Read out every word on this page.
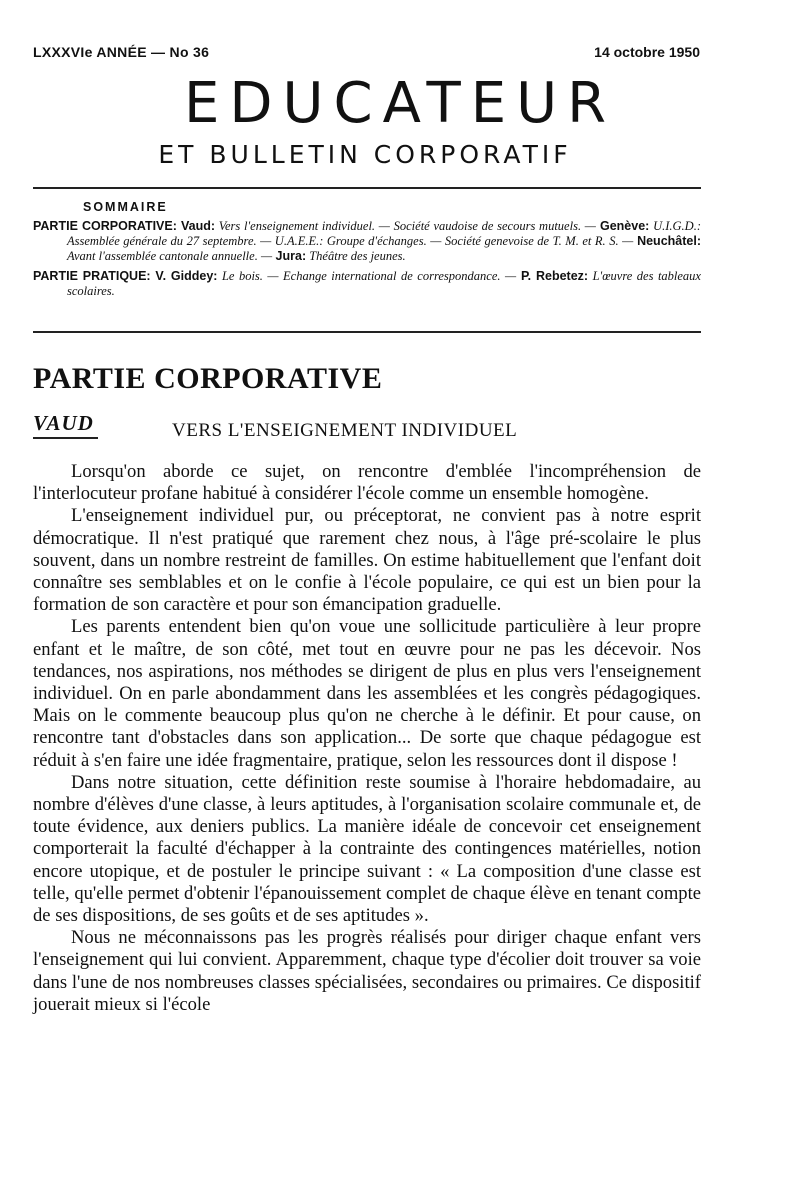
LXXXVIe ANNÉE — No 36	14 octobre 1950
EDUCATEUR
ET BULLETIN CORPORATIF
SOMMAIRE

PARTIE CORPORATIVE: Vaud: Vers l'enseignement individuel. — Société vaudoise de secours mutuels. — Genève: U.I.G.D.: Assemblée générale du 27 septembre. — U.A.E.E.: Groupe d'échanges. — Société genevoise de T. M. et R. S. — Neuchâtel: Avant l'assemblée cantonale annuelle. — Jura: Théâtre des jeunes.

PARTIE PRATIQUE: V. Giddey: Le bois. — Echange international de correspondance. — P. Rebetez: L'œuvre des tableaux scolaires.

PARTIE CORPORATIVE
VAUD	VERS L'ENSEIGNEMENT INDIVIDUEL

Lorsqu'on aborde ce sujet, on rencontre d'emblée l'incompréhension de l'interlocuteur profane habitué à considérer l'école comme un ensemble homogène.

L'enseignement individuel pur, ou préceptorat, ne convient pas à notre esprit démocratique. Il n'est pratiqué que rarement chez nous, à l'âge pré-scolaire le plus souvent, dans un nombre restreint de familles. On estime habituellement que l'enfant doit connaître ses semblables et on le confie à l'école populaire, ce qui est un bien pour la formation de son caractère et pour son émancipation graduelle.

Les parents entendent bien qu'on voue une sollicitude particulière à leur propre enfant et le maître, de son côté, met tout en œuvre pour ne pas les décevoir. Nos tendances, nos aspirations, nos méthodes se dirigent de plus en plus vers l'enseignement individuel. On en parle abondamment dans les assemblées et les congrès pédagogiques. Mais on le commente beaucoup plus qu'on ne cherche à le définir. Et pour cause, on rencontre tant d'obstacles dans son application... De sorte que chaque pédagogue est réduit à s'en faire une idée fragmentaire, pratique, selon les ressources dont il dispose !

Dans notre situation, cette définition reste soumise à l'horaire hebdomadaire, au nombre d'élèves d'une classe, à leurs aptitudes, à l'organisation scolaire communale et, de toute évidence, aux deniers publics. La manière idéale de concevoir cet enseignement comporterait la faculté d'échapper à la contrainte des contingences matérielles, notion encore utopique, et de postuler le principe suivant : « La composition d'une classe est telle, qu'elle permet d'obtenir l'épanouissement complet de chaque élève en tenant compte de ses dispositions, de ses goûts et de ses aptitudes ».

Nous ne méconnaissons pas les progrès réalisés pour diriger chaque enfant vers l'enseignement qui lui convient. Apparemment, chaque type d'écolier doit trouver sa voie dans l'une de nos nombreuses classes spécialisées, secondaires ou primaires. Ce dispositif jouerait mieux si l'école
